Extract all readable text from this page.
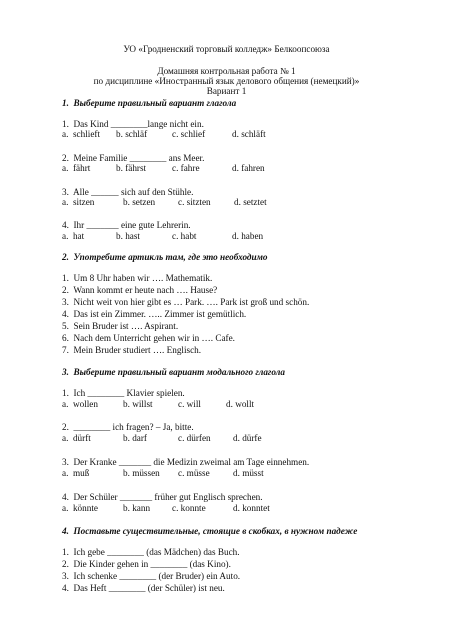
УО «Гродненский торговый колледж» Белкоопсоюза
Домашняя контрольная работа № 1
по дисциплине «Иностранный язык делового общения (немецкий)»
Вариант 1
1.  Выберите правильный вариант глагола
1.  Das Kind ________lange nicht ein.
a.  schlieft b. schläf	c. schlief	d. schläft
2.  Meine Familie ________ ans Meer.
a.  fährt	b. fährst	c. fahre	d. fahren
3.  Alle ______ sich auf den Stühle.
a.  sitzen	b. setzen c. sitzten	d. setztet
4.  Ihr _______ eine gute Lehrerin.
a.  hat	b. hast	c. habt	d. haben
2.  Употребите артикль там, где это необходимо
1.  Um 8 Uhr haben wir …. Mathematik.
2.  Wann kommt er heute nach …. Hause?
3.  Nicht weit von hier gibt es … Park. …. Park ist groß und schön.
4.  Das ist ein Zimmer. ….. Zimmer ist gemütlich.
5.  Sein Bruder ist …. Aspirant.
6.  Nach dem Unterricht gehen wir in …. Cafe.
7.  Mein Bruder studiert …. Englisch.
3.  Выберите правильный вариант модального глагола
1.  Ich ________ Klavier spielen.
a.  wollen	b. willst	c. will	d. wollt
2.  ________ ich fragen? – Ja, bitte.
a.  dürft	b. darf	c. dürfen d. dürfe
3.  Der Kranke _______ die Medizin zweimal am Tage einnehmen.
a.  muß	b. müssen c. müsse	d. müsst
4.  Der Schüler _______ früher gut Englisch sprechen.
a.  könnte	b. kann c. konnte	d. konntet
4.  Поставьте существительные, стоящие в скобках, в нужном падеже
1.  Ich gebe ________ (das Mädchen) das Buch.
2.  Die Kinder gehen in ________ (das Kino).
3.  Ich schenke ________ (der Bruder) ein Auto.
4.  Das Heft ________ (der Schüler) ist neu.
